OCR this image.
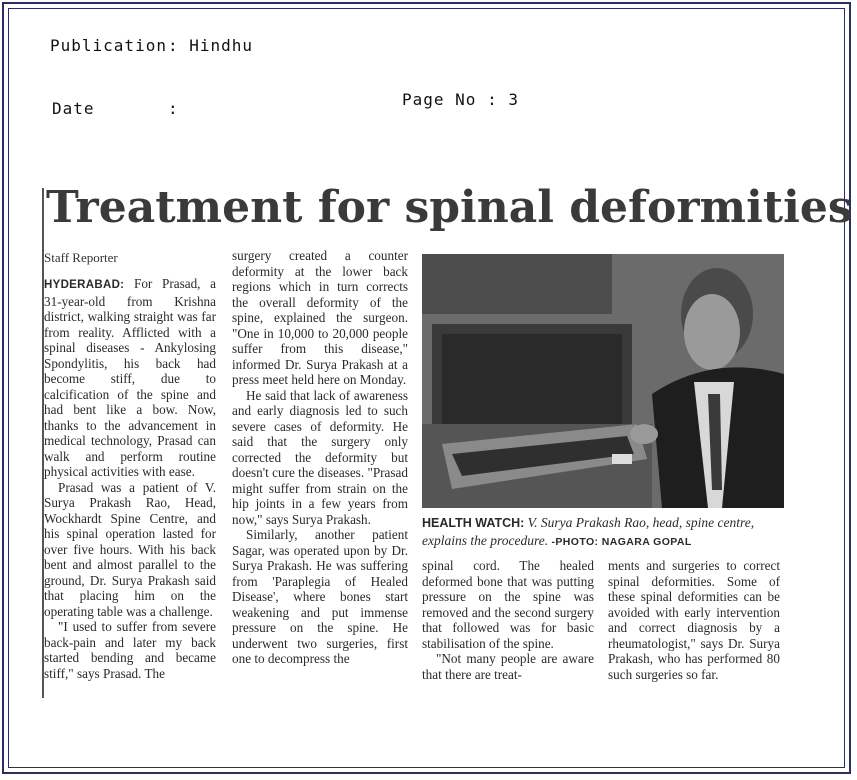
Publication : Hindhu
Date	:	Page No : 3
Treatment for spinal deformities
Staff Reporter

HYDERABAD: For Prasad, a 31-year-old from Krishna district, walking straight was far from reality. Afflicted with a spinal diseases - Ankylosing Spondylitis, his back had become stiff, due to calcification of the spine and had bent like a bow. Now, thanks to the advancement in medical technology, Prasad can walk and perform routine physical activities with ease.

Prasad was a patient of V. Surya Prakash Rao, Head, Wockhardt Spine Centre, and his spinal operation lasted for over five hours. With his back bent and almost parallel to the ground, Dr. Surya Prakash said that placing him on the operating table was a challenge.

"I used to suffer from severe back-pain and later my back started bending and became stiff," says Prasad. The

surgery created a counter deformity at the lower back regions which in turn corrects the overall deformity of the spine, explained the surgeon. "One in 10,000 to 20,000 people suffer from this disease," informed Dr. Surya Prakash at a press meet held here on Monday.

He said that lack of awareness and early diagnosis led to such severe cases of deformity. He said that the surgery only corrected the deformity but doesn't cure the diseases. "Prasad might suffer from strain on the hip joints in a few years from now," says Surya Prakash.

Similarly, another patient Sagar, was operated upon by Dr. Surya Prakash. He was suffering from 'Paraplegia of Healed Disease', where bones start weakening and put immense pressure on the spine. He underwent two surgeries, first one to decompress the

HEALTH WATCH: V. Surya Prakash Rao, head, spine centre, explains the procedure. -PHOTO: NAGARA GOPAL

spinal cord. The healed deformed bone that was putting pressure on the spine was removed and the second surgery that followed was for basic stabilisation of the spine.

"Not many people are aware that there are treat-

ments and surgeries to correct spinal deformities. Some of these spinal deformities can be avoided with early intervention and correct diagnosis by a rheumatologist," says Dr. Surya Prakash, who has performed 80 such surgeries so far.
